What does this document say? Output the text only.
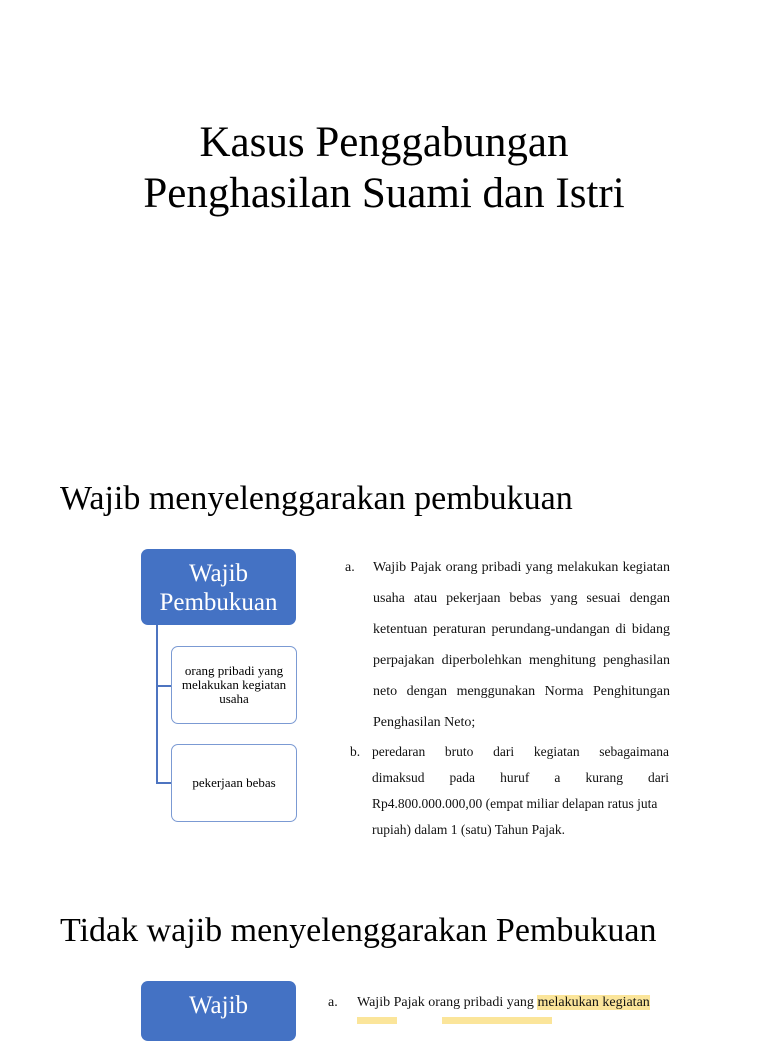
Kasus Penggabungan
Penghasilan Suami dan Istri
Wajib menyelenggarakan pembukuan
Wajib
Pembukuan
orang pribadi yang melakukan kegiatan usaha
pekerjaan bebas
a. Wajib Pajak orang pribadi yang melakukan kegiatan
usaha atau pekerjaan bebas yang sesuai dengan
ketentuan peraturan perundang-undangan di bidang
perpajakan diperbolehkan menghitung penghasilan
neto dengan menggunakan Norma Penghitungan
Penghasilan Neto;
b. peredaran bruto dari kegiatan sebagaimana
dimaksud pada huruf a kurang dari
Rp4.800.000.000,00 (empat miliar delapan ratus juta
rupiah) dalam 1 (satu) Tahun Pajak.
Tidak wajib menyelenggarakan Pembukuan
Wajib	a. Wajib Pajak orang pribadi yang melakukan kegiatan
